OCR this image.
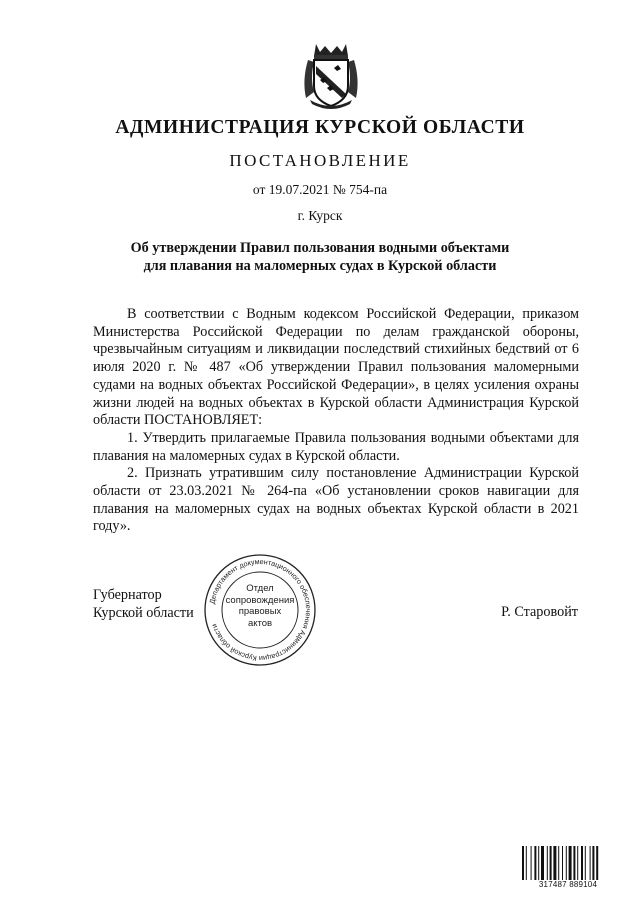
АДМИНИСТРАЦИЯ КУРСКОЙ ОБЛАСТИ
ПОСТАНОВЛЕНИЕ
от 19.07.2021 № 754-па
г. Курск
Об утверждении Правил пользования водными объектами
для плавания на маломерных судах в Курской области

В соответствии с Водным кодексом Российской Федерации, приказом Министерства Российской Федерации по делам гражданской обороны, чрезвычайным ситуациям и ликвидации последствий стихийных бедствий от 6 июля 2020 г. № 487 «Об утверждении Правил пользования маломерными судами на водных объектах Российской Федерации», в целях усиления охраны жизни людей на водных объектах в Курской области Администрация Курской области ПОСТАНОВЛЯЕТ:

1. Утвердить прилагаемые Правила пользования водными объектами для плавания на маломерных судах в Курской области.

2. Признать утратившим силу постановление Администрации Курской области от 23.03.2021 № 264-па «Об установлении сроков навигации для плавания на маломерных судах на водных объектах Курской области в 2021 году».

Губернатор
Курской области	Р. Старовойт
Департамент документационного обеспечения Администрации Курской области
Отдел
сопровождения
правовых
актов
317487 889104
